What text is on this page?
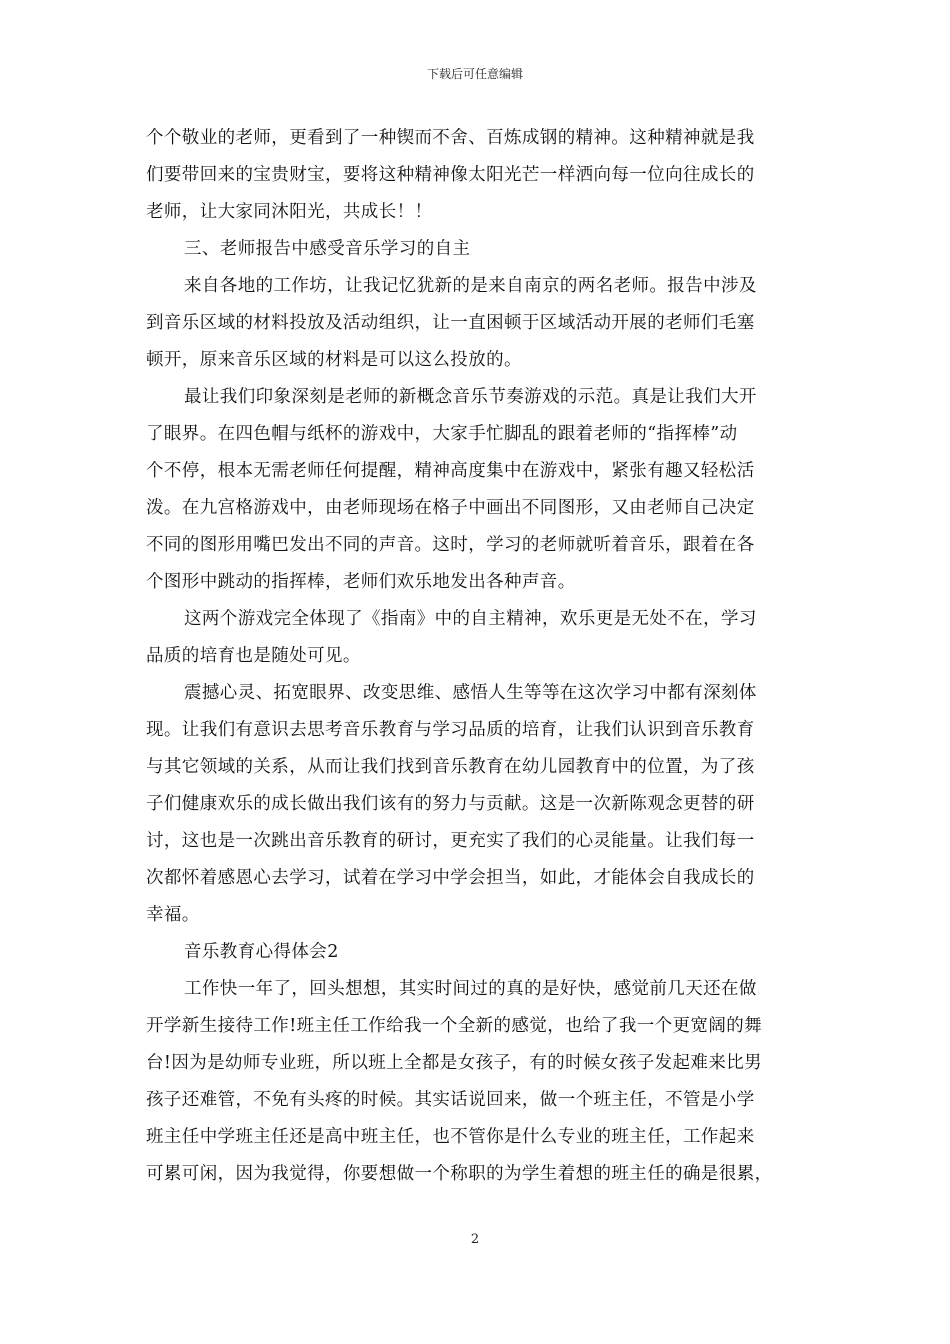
下载后可任意编辑
个个敬业的老师，更看到了一种锲而不舍、百炼成钢的精神。这种精神就是我
们要带回来的宝贵财宝，要将这种精神像太阳光芒一样洒向每一位向往成长的
老师，让大家同沐阳光，共成长！！
三、老师报告中感受音乐学习的自主
来自各地的工作坊，让我记忆犹新的是来自南京的两名老师。报告中涉及
到音乐区域的材料投放及活动组织，让一直困顿于区域活动开展的老师们毛塞
顿开，原来音乐区域的材料是可以这么投放的。
最让我们印象深刻是老师的新概念音乐节奏游戏的示范。真是让我们大开
了眼界。在四色帽与纸杯的游戏中，大家手忙脚乱的跟着老师的“指挥棒”动
个不停，根本无需老师任何提醒，精神高度集中在游戏中，紧张有趣又轻松活
泼。在九宫格游戏中，由老师现场在格子中画出不同图形，又由老师自己决定
不同的图形用嘴巴发出不同的声音。这时，学习的老师就听着音乐，跟着在各
个图形中跳动的指挥棒，老师们欢乐地发出各种声音。
这两个游戏完全体现了《指南》中的自主精神，欢乐更是无处不在，学习
品质的培育也是随处可见。
震撼心灵、拓宽眼界、改变思维、感悟人生等等在这次学习中都有深刻体
现。让我们有意识去思考音乐教育与学习品质的培育，让我们认识到音乐教育
与其它领域的关系，从而让我们找到音乐教育在幼儿园教育中的位置，为了孩
子们健康欢乐的成长做出我们该有的努力与贡献。这是一次新陈观念更替的研
讨，这也是一次跳出音乐教育的研讨，更充实了我们的心灵能量。让我们每一
次都怀着感恩心去学习，试着在学习中学会担当，如此，才能体会自我成长的
幸福。
音乐教育心得体会2
工作快一年了，回头想想，其实时间过的真的是好快，感觉前几天还在做
开学新生接待工作!班主任工作给我一个全新的感觉，也给了我一个更宽阔的舞
台!因为是幼师专业班，所以班上全都是女孩子，有的时候女孩子发起难来比男
孩子还难管，不免有头疼的时候。其实话说回来，做一个班主任，不管是小学
班主任中学班主任还是高中班主任，也不管你是什么专业的班主任，工作起来
可累可闲，因为我觉得，你要想做一个称职的为学生着想的班主任的确是很累，
2
